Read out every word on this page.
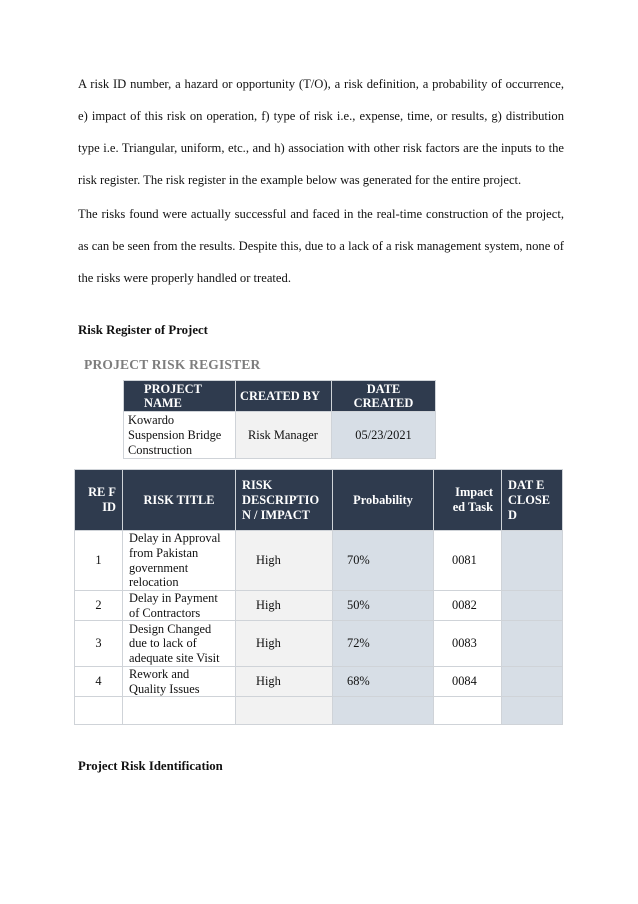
A risk ID number, a hazard or opportunity (T/O), a risk definition, a probability of occurrence, e) impact of this risk on operation, f) type of risk i.e., expense, time, or results, g) distribution type i.e. Triangular, uniform, etc., and h) association with other risk factors are the inputs to the risk register. The risk register in the example below was generated for the entire project.

The risks found were actually successful and faced in the real-time construction of the project, as can be seen from the results. Despite this, due to a lack of a risk management system, none of the risks were properly handled or treated.

Risk Register of Project
PROJECT RISK REGISTER
PROJECT NAME	CREATED BY	DATE CREATED
Kowardo Suspension Bridge Construction	Risk Manager	05/23/2021
RE F ID	RISK TITLE	RISK DESCRIPTIO N / IMPACT	Probability	Impact ed Task	DAT E CLOSE D
1	Delay in Approval from Pakistan government relocation	High	70%	0081	
2	Delay in Payment of Contractors	High	50%	0082	
3	Design Changed due to lack of adequate site Visit	High	72%	0083	
4	Rework and Quality Issues	High	68%	0084	

Project Risk Identification
